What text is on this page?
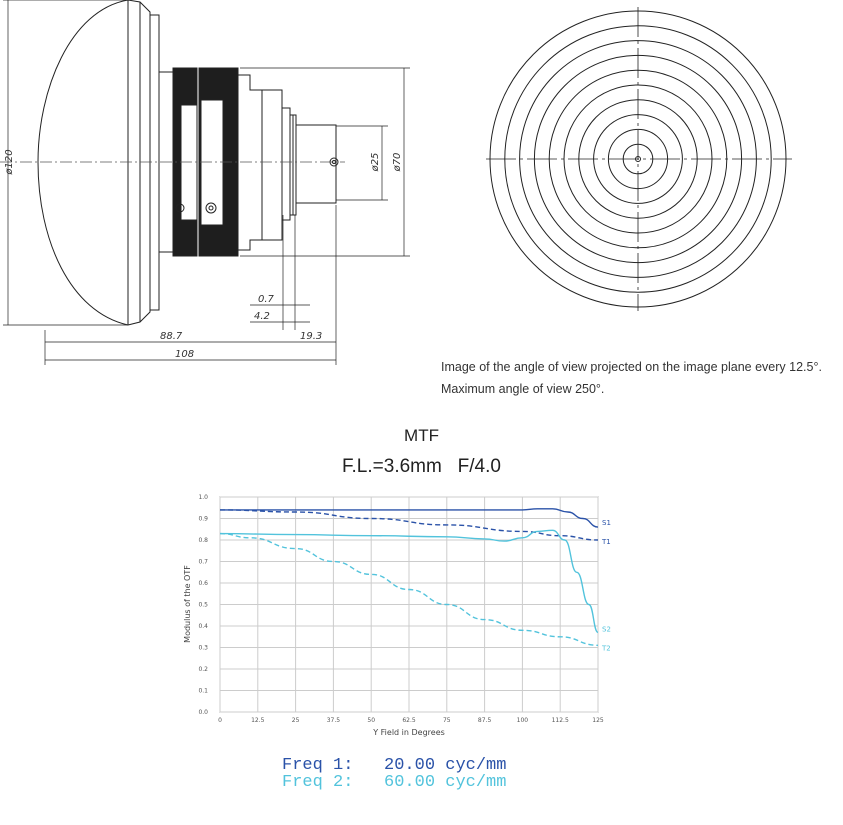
ø120	ø70
ø25
0.7
4.2
19.3
88.7
108
Image of the angle of view projected on the image plane every 12.5°.
Maximum angle of view 250°.
MTF
F.L.=3.6mm   F/4.0
0	12.5	25	37.5	50	62.5	75	87.5	100	112.5	125
0.0
0.1
0.2
0.3
0.4
0.5
0.6
0.7
0.8
0.9
1.0
S1
T1
S2
T2
Y Field in Degrees
Modulus of the OTF
Freq 1: 20.00 cyc/mm
Freq 2: 60.00 cyc/mm
